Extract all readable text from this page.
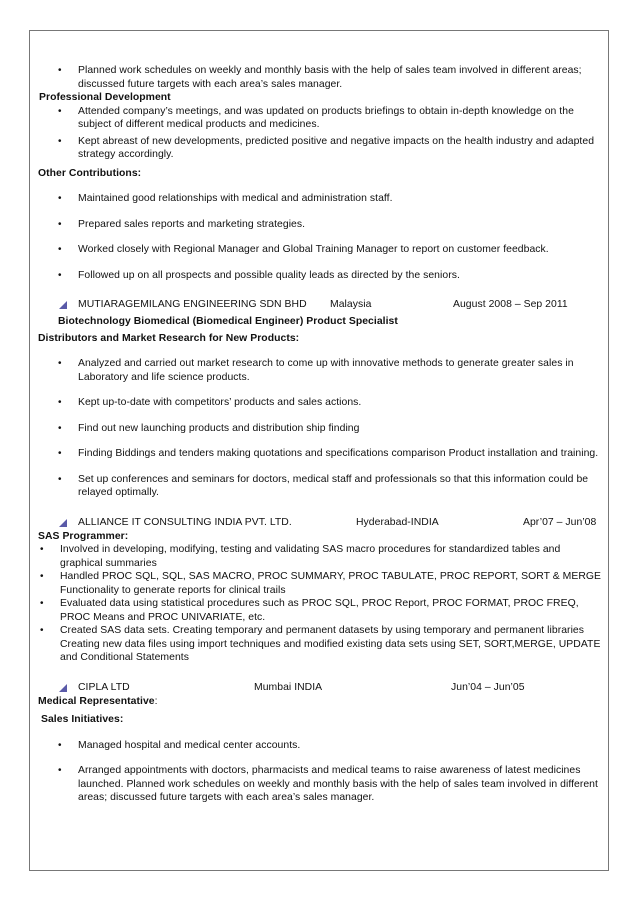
• Planned work schedules on weekly and monthly basis with the help of sales team involved in different areas; discussed future targets with each area’s sales manager.
Professional Development
• Attended company’s meetings, and was updated on products briefings to obtain in-depth knowledge on the subject of different medical products and medicines.
• Kept abreast of new developments, predicted positive and negative impacts on the health industry and adapted strategy accordingly.
Other Contributions:
• Maintained good relationships with medical and administration staff.
• Prepared sales reports and marketing strategies.
• Worked closely with Regional Manager and Global Training Manager to report on customer feedback.
• Followed up on all prospects and possible quality leads as directed by the seniors.
MUTIARAGEMILANG ENGINEERING SDN BHD Malaysia	August 2008 – Sep 2011
Biotechnology Biomedical (Biomedical Engineer) Product Specialist
Distributors and Market Research for New Products:
• Analyzed and carried out market research to come up with innovative methods to generate greater sales in Laboratory and life science products.
• Kept up-to-date with competitors’ products and sales actions.
• Find out new launching products and distribution ship finding
• Finding Biddings and tenders making quotations and specifications comparison Product installation and training.
• Set up conferences and seminars for doctors, medical staff and professionals so that this information could be relayed optimally.
ALLIANCE IT CONSULTING INDIA PVT. LTD.	Hyderabad-INDIA	Apr’07 – Jun’08
SAS Programmer:
• Involved in developing, modifying, testing and validating SAS macro procedures for standardized tables and graphical summaries
• Handled PROC SQL, SQL, SAS MACRO, PROC SUMMARY, PROC TABULATE, PROC REPORT, SORT & MERGE Functionality to generate reports for clinical trails
• Evaluated data using statistical procedures such as PROC SQL, PROC Report, PROC FORMAT, PROC FREQ, PROC Means and PROC UNIVARIATE, etc.
• Created SAS data sets. Creating temporary and permanent datasets by using temporary and permanent libraries Creating new data files using import techniques and modified existing data sets using SET, SORT,MERGE, UPDATE and Conditional Statements
CIPLA LTD	Mumbai INDIA	Jun’04 – Jun’05
Medical Representative:
Sales Initiatives:
• Managed hospital and medical center accounts.
• Arranged appointments with doctors, pharmacists and medical teams to raise awareness of latest medicines launched. Planned work schedules on weekly and monthly basis with the help of sales team involved in different areas; discussed future targets with each area’s sales manager.
